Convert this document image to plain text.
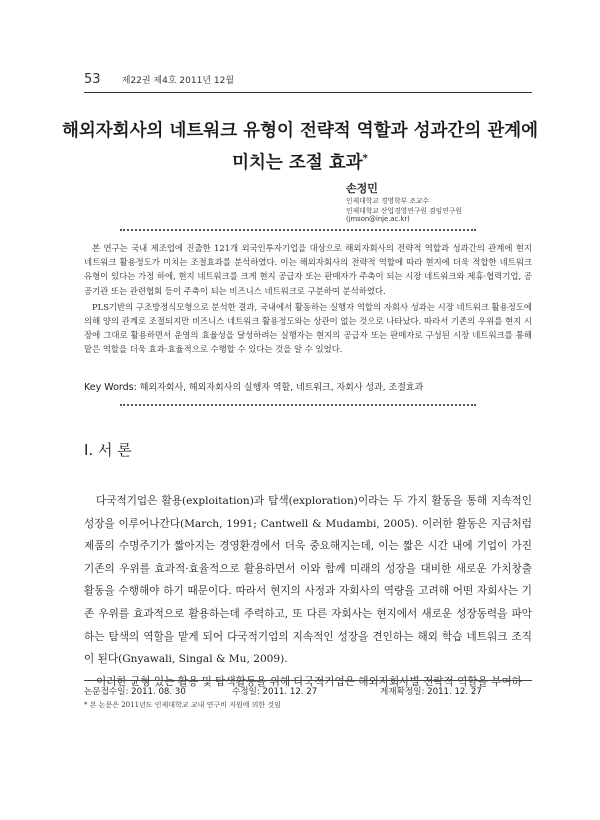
53 제22권 제4호 2011년 12월
해외자회사의 네트워크 유형이 전략적 역할과 성과간의 관계에
미치는 조절 효과*
손정민
인제대학교 경영학부 조교수
인제대학교 산업경영연구원 겸임연구원
(jmson@inje.ac.kr)

본 연구는 국내 제조업에 진출한 121개 외국인투자기업을 대상으로 해외자회사의 전략적 역할과 성과간의 관계에 현지 네트워크 활용정도가 미치는 조절효과를 분석하였다. 이는 해외자회사의 전략적 역할에 따라 현지에 더욱 적합한 네트워크 유형이 있다는 가정 하에, 현지 네트워크를 크게 현지 공급자 또는 판매자가 주축이 되는 시장 네트워크와 제휴·협력기업, 공공기관 또는 관련협회 등이 주축이 되는 비즈니스 네트워크로 구분하여 분석하였다.

PLS기반의 구조방정식모형으로 분석한 결과, 국내에서 활동하는 실행자 역할의 자회사 성과는 시장 네트워크 활용정도에 의해 양의 관계로 조절되지만 비즈니스 네트워크 활용정도와는 상관이 없는 것으로 나타났다. 따라서 기존의 우위를 현지 시장에 그대로 활용하면서 운영의 효율성을 달성하려는 실행자는 현지의 공급자 또는 판매자로 구성된 시장 네트워크를 통해 맡은 역할을 더욱 효과·효율적으로 수행할 수 있다는 것을 알 수 있었다.

Key Words: 해외자회사, 해외자회사의 실행자 역할, 네트워크, 자회사 성과, 조절효과
Ⅰ. 서 론

다국적기업은 활용(exploitation)과 탐색(exploration)이라는 두 가지 활동을 통해 지속적인 성장을 이루어나간다(March, 1991; Cantwell & Mudambi, 2005). 이러한 활동은 지금처럼 제품의 수명주기가 짧아지는 경영환경에서 더욱 중요해지는데, 이는 짧은 시간 내에 기업이 가진 기존의 우위를 효과적·효율적으로 활용하면서 이와 함께 미래의 성장을 대비한 새로운 가치창출 활동을 수행해야 하기 때문이다. 따라서 현지의 사정과 자회사의 역량을 고려해 어떤 자회사는 기존 우위를 효과적으로 활용하는데 주력하고, 또 다른 자회사는 현지에서 새로운 성장동력을 파악하는 탐색의 역할을 맡게 되어 다국적기업의 지속적인 성장을 견인하는 해외 학습 네트워크 조직이 된다(Gnyawali, Singal & Mu, 2009).

이러한 균형 있는 활용 및 탐색활동을 위해 다국적기업은 해외자회사별 전략적 역할을 부여하

논문접수일: 2011. 08. 30	수정일: 2011. 12. 27	게재확정일: 2011. 12. 27
* 본 논문은 2011년도 인제대학교 교내 연구비 지원에 의한 것임
